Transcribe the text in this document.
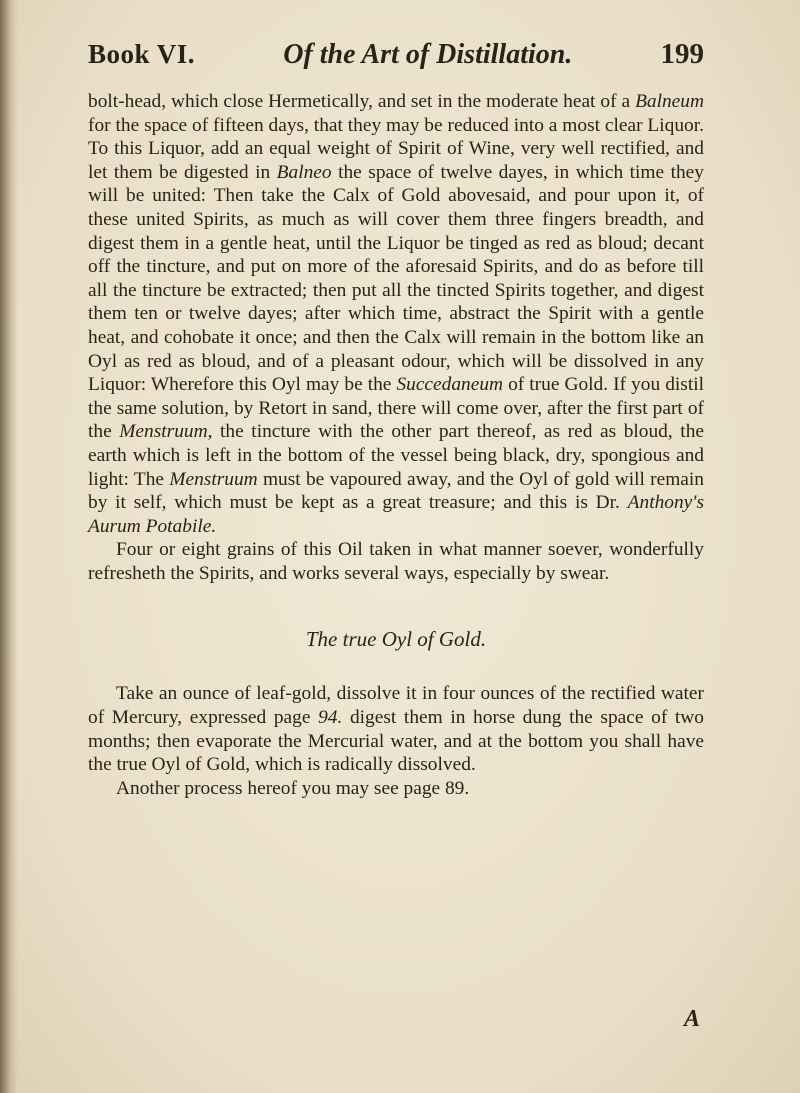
Book VI.	Of the Art of Distillation.	199

bolt-head, which close Hermetically, and set in the moderate heat of a Balneum for the space of fifteen days, that they may be reduced into a most clear Liquor. To this Liquor, add an equal weight of Spirit of Wine, very well rectified, and let them be digested in Balneo the space of twelve dayes, in which time they will be united: Then take the Calx of Gold abovesaid, and pour upon it, of these united Spirits, as much as will cover them three fingers breadth, and digest them in a gentle heat, until the Liquor be tinged as red as bloud; decant off the tincture, and put on more of the aforesaid Spirits, and do as before till all the tincture be extracted; then put all the tincted Spirits together, and digest them ten or twelve dayes; after which time, abstract the Spirit with a gentle heat, and cohobate it once; and then the Calx will remain in the bottom like an Oyl as red as bloud, and of a pleasant odour, which will be dissolved in any Liquor: Wherefore this Oyl may be the Succedaneum of true Gold. If you distil the same solution, by Retort in sand, there will come over, after the first part of the Menstruum, the tincture with the other part thereof, as red as bloud, the earth which is left in the bottom of the vessel being black, dry, spongious and light: The Menstruum must be vapoured away, and the Oyl of gold will remain by it self, which must be kept as a great treasure; and this is Dr. Anthony's Aurum Potabile.

Four or eight grains of this Oil taken in what manner soever, wonderfully refresheth the Spirits, and works several ways, especially by swear.

The true Oyl of Gold.

Take an ounce of leaf-gold, dissolve it in four ounces of the rectified water of Mercury, expressed page 94. digest them in horse dung the space of two months; then evaporate the Mercurial water, and at the bottom you shall have the true Oyl of Gold, which is radically dissolved.

Another process hereof you may see page 89.

A
